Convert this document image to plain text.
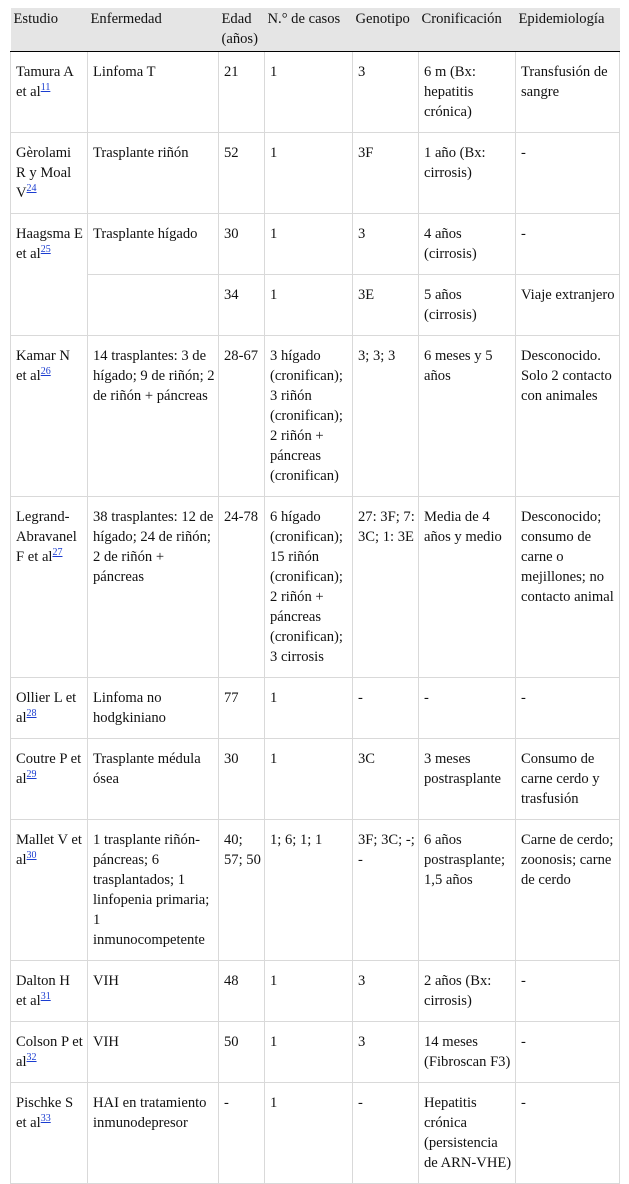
Estudio	Enfermedad	Edad (años)	N.° de casos	Genotipo	Cronificación	Epidemiología
Tamura A et al$^{11}$	Linfoma T	21	1	3	6 m (Bx: hepatitis crónica)	Transfusión de sangre
Gèrolami R y Moal V$^{24}$	Trasplante riñón	52	1	3F	1 año (Bx: cirrosis)	-
Haagsma E et al$^{25}$	Trasplante hígado	30	1	3	4 años (cirrosis)	-
		34	1	3E	5 años (cirrosis)	Viaje extranjero
Kamar N et al$^{26}$	14 trasplantes: 3 de hígado; 9 de riñón; 2 de riñón + páncreas	28-67	3 hígado (cronifican); 3 riñón (cronifican); 2 riñón + páncreas (cronifican)	3; 3; 3	6 meses y 5 años	Desconocido. Solo 2 contacto con animales
Legrand-Abravanel F et al$^{27}$	38 trasplantes: 12 de hígado; 24 de riñón; 2 de riñón + páncreas	24-78	6 hígado (cronifican); 15 riñón (cronifican); 2 riñón + páncreas (cronifican); 3 cirrosis	27: 3F; 7: 3C; 1: 3E	Media de 4 años y medio	Desconocido; consumo de carne o mejillones; no contacto animal
Ollier L et al$^{28}$	Linfoma no hodgkiniano	77	1	-	-	-
Coutre P et al$^{29}$	Trasplante médula ósea	30	1	3C	3 meses postrasplante	Consumo de carne cerdo y trasfusión
Mallet V et al$^{30}$	1 trasplante riñón-páncreas; 6 trasplantados; 1 linfopenia primaria; 1 inmunocompetente	40; 57; 50	1; 6; 1; 1	3F; 3C; -; -	6 años postrasplante; 1,5 años	Carne de cerdo; zoonosis; carne de cerdo
Dalton H et al$^{31}$	VIH	48	1	3	2 años (Bx: cirrosis)	-
Colson P et al$^{32}$	VIH	50	1	3	14 meses (Fibroscan F3)	-
Pischke S et al$^{33}$	HAI en tratamiento inmunodepresor	-	1	-	Hepatitis crónica (persistencia de ARN-VHE)	-
